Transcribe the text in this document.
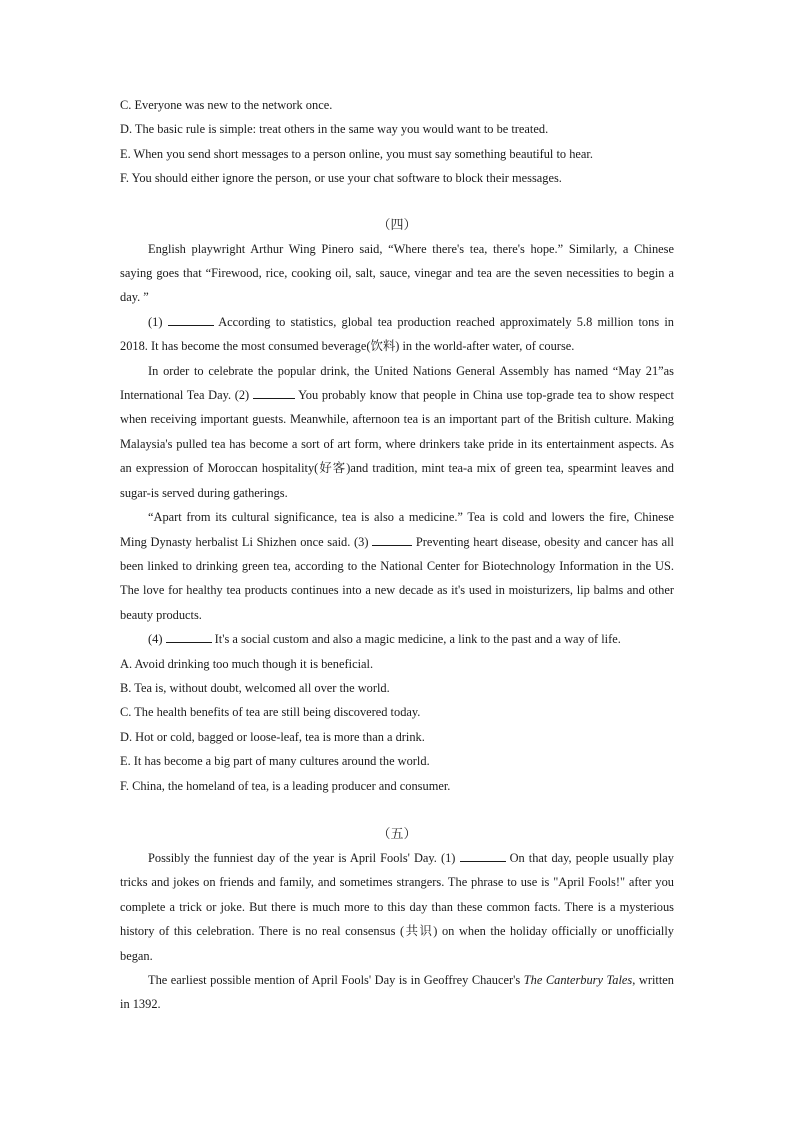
C. Everyone was new to the network once.

D. The basic rule is simple: treat others in the same way you would want to be treated.

E. When you send short messages to a person online, you must say something beautiful to hear.

F. You should either ignore the person, or use your chat software to block their messages.

（四）

English playwright Arthur Wing Pinero said, “Where there's tea, there's hope.” Similarly, a Chinese saying goes that “Firewood, rice, cooking oil, salt, sauce, vinegar and tea are the seven necessities to begin a day. ”

(1)	According to statistics, global tea production reached approximately 5.8 million tons in 2018. It has become the most consumed beverage(饮料) in the world-after water, of course.

In order to celebrate the popular drink, the United Nations General Assembly has named “May 21”as International Tea Day. (2)	You probably know that people in China use top-grade tea to show respect when receiving important guests. Meanwhile, afternoon tea is an important part of the British culture. Making Malaysia's pulled tea has become a sort of art form, where drinkers take pride in its entertainment aspects. As an expression of Moroccan hospitality(好客)and tradition, mint tea-a mix of green tea, spearmint leaves and sugar-is served during gatherings.

“Apart from its cultural significance, tea is also a medicine.” Tea is cold and lowers the fire, Chinese Ming Dynasty herbalist Li Shizhen once said. (3)	Preventing heart disease, obesity and cancer has all been linked to drinking green tea, according to the National Center for Biotechnology Information in the US. The love for healthy tea products continues into a new decade as it's used in moisturizers, lip balms and other beauty products.

(4)	It's a social custom and also a magic medicine, a link to the past and a way of life.

A. Avoid drinking too much though it is beneficial.

B. Tea is, without doubt, welcomed all over the world.

C. The health benefits of tea are still being discovered today.

D. Hot or cold, bagged or loose-leaf, tea is more than a drink.

E. It has become a big part of many cultures around the world.

F. China, the homeland of tea, is a leading producer and consumer.

（五）

Possibly the funniest day of the year is April Fools' Day. (1)	On that day, people usually play tricks and jokes on friends and family, and sometimes strangers. The phrase to use is "April Fools!" after you complete a trick or joke. But there is much more to this day than these common facts. There is a mysterious history of this celebration. There is no real consensus (共识) on when the holiday officially or unofficially began.

The earliest possible mention of April Fools' Day is in Geoffrey Chaucer's The Canterbury Tales, written in 1392.
